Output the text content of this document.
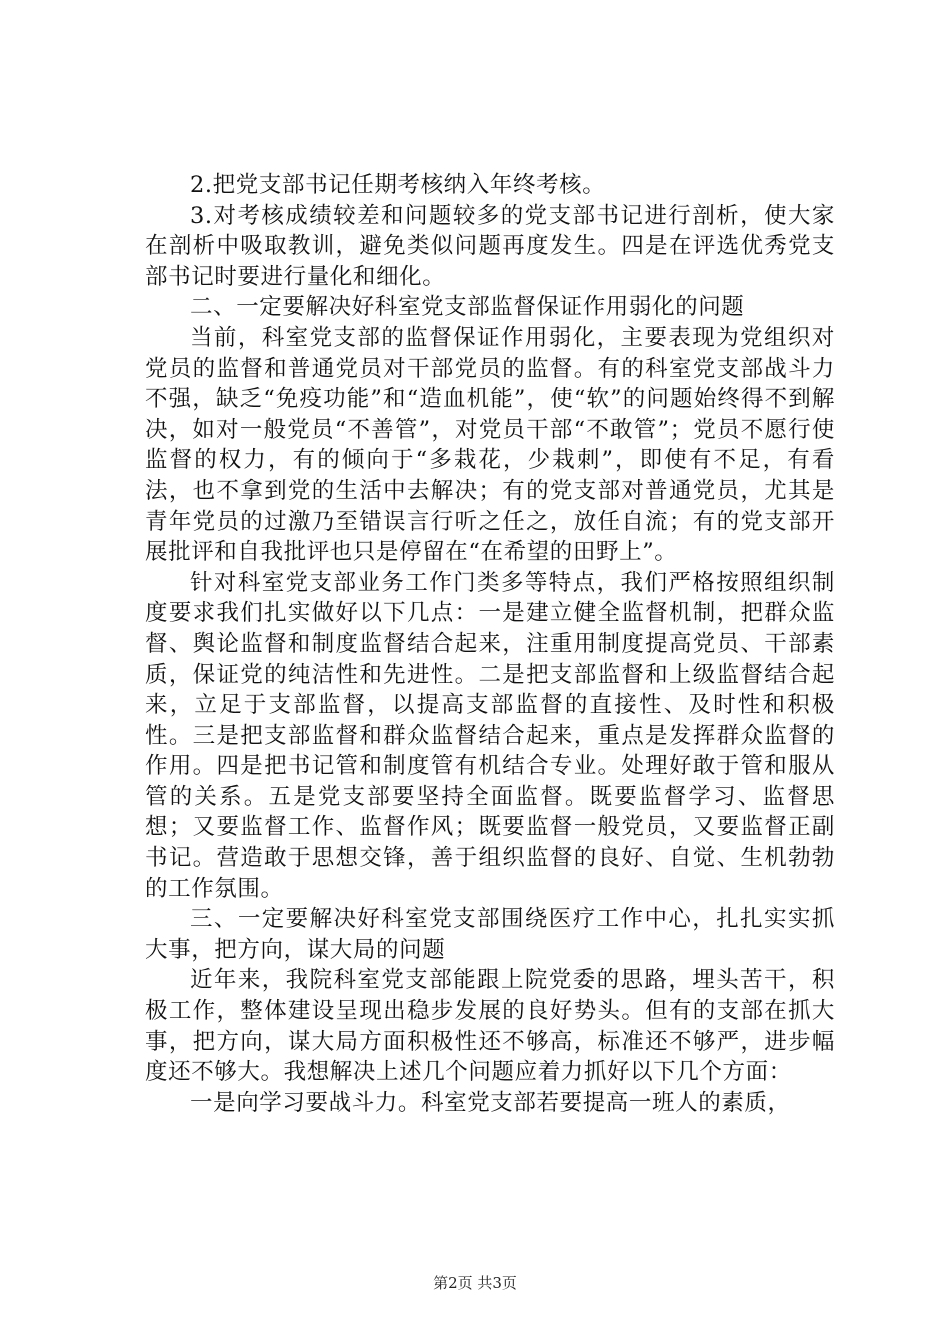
2.把党支部书记任期考核纳入年终考核。

3.对考核成绩较差和问题较多的党支部书记进行剖析，使大家在剖析中吸取教训，避免类似问题再度发生。四是在评选优秀党支部书记时要进行量化和细化。

二、一定要解决好科室党支部监督保证作用弱化的问题

当前，科室党支部的监督保证作用弱化，主要表现为党组织对党员的监督和普通党员对干部党员的监督。有的科室党支部战斗力不强，缺乏“免疫功能”和“造血机能”，使“软”的问题始终得不到解决，如对一般党员“不善管”，对党员干部“不敢管”；党员不愿行使监督的权力，有的倾向于“多栽花，少栽刺”，即使有不足，有看法，也不拿到党的生活中去解决；有的党支部对普通党员，尤其是青年党员的过激乃至错误言行听之任之，放任自流；有的党支部开展批评和自我批评也只是停留在“在希望的田野上”。

针对科室党支部业务工作门类多等特点，我们严格按照组织制度要求我们扎实做好以下几点：一是建立健全监督机制，把群众监督、舆论监督和制度监督结合起来，注重用制度提高党员、干部素质，保证党的纯洁性和先进性。二是把支部监督和上级监督结合起来，立足于支部监督，以提高支部监督的直接性、及时性和积极性。三是把支部监督和群众监督结合起来，重点是发挥群众监督的作用。四是把书记管和制度管有机结合专业。处理好敢于管和服从管的关系。五是党支部要坚持全面监督。既要监督学习、监督思想；又要监督工作、监督作风；既要监督一般党员，又要监督正副书记。营造敢于思想交锋，善于组织监督的良好、自觉、生机勃勃的工作氛围。

三、一定要解决好科室党支部围绕医疗工作中心，扎扎实实抓大事，把方向，谋大局的问题

近年来，我院科室党支部能跟上院党委的思路，埋头苦干，积极工作，整体建设呈现出稳步发展的良好势头。但有的支部在抓大事，把方向，谋大局方面积极性还不够高，标准还不够严，进步幅度还不够大。我想解决上述几个问题应着力抓好以下几个方面：

一是向学习要战斗力。科室党支部若要提高一班人的素质，

第2页 共3页
